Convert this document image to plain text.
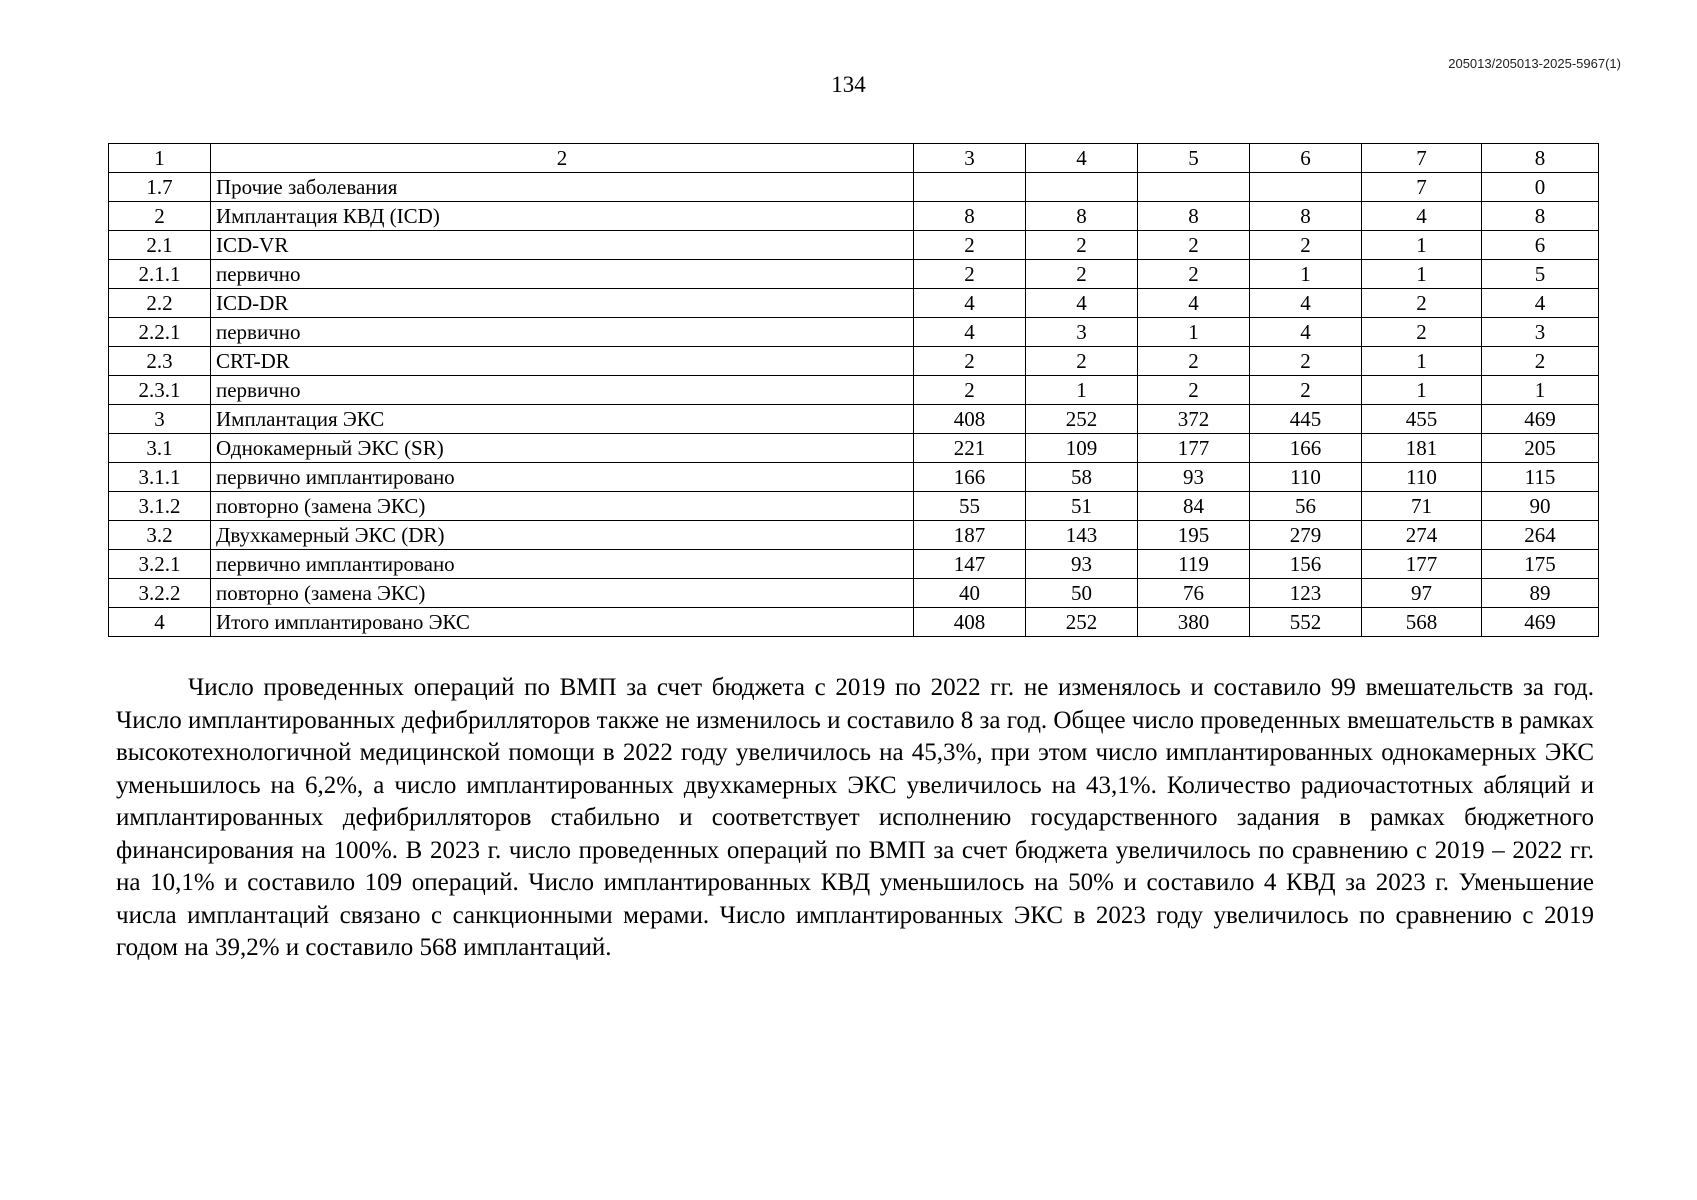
205013/205013-2025-5967(1)
134
1	2	3	4	5	6	7	8
1.7	Прочие заболевания					7	0
2	Имплантация КВД (ICD)	8	8	8	8	4	8
2.1	ICD-VR	2	2	2	2	1	6
2.1.1	первично	2	2	2	1	1	5
2.2	ICD-DR	4	4	4	4	2	4
2.2.1	первично	4	3	1	4	2	3
2.3	CRT-DR	2	2	2	2	1	2
2.3.1	первично	2	1	2	2	1	1
3	Имплантация ЭКС	408	252	372	445	455	469
3.1	Однокамерный ЭКС (SR)	221	109	177	166	181	205
3.1.1	первично имплантировано	166	58	93	110	110	115
3.1.2	повторно (замена ЭКС)	55	51	84	56	71	90
3.2	Двухкамерный ЭКС (DR)	187	143	195	279	274	264
3.2.1	первично имплантировано	147	93	119	156	177	175
3.2.2	повторно (замена ЭКС)	40	50	76	123	97	89
4	Итого имплантировано ЭКС	408	252	380	552	568	469

Число проведенных операций по ВМП за счет бюджета с 2019 по 2022 гг. не изменялось и составило 99 вмешательств за год. Число имплантированных дефибрилляторов также не изменилось и составило 8 за год. Общее число проведенных вмешательств в рамках высокотехнологичной медицинской помощи в 2022 году увеличилось на 45,3%, при этом число имплантированных однокамерных ЭКС уменьшилось на 6,2%, а число имплантированных двухкамерных ЭКС увеличилось на 43,1%. Количество радиочастотных абляций и имплантированных дефибрилляторов стабильно и соответствует исполнению государственного задания в рамках бюджетного финансирования на 100%. В 2023 г. число проведенных операций по ВМП за счет бюджета увеличилось по сравнению с 2019 – 2022 гг. на 10,1% и составило 109 операций. Число имплантированных КВД уменьшилось на 50% и составило 4 КВД за 2023 г. Уменьшение числа имплантаций связано с санкционными мерами. Число имплантированных ЭКС в 2023 году увеличилось по сравнению с 2019 годом на 39,2% и составило 568 имплантаций.
